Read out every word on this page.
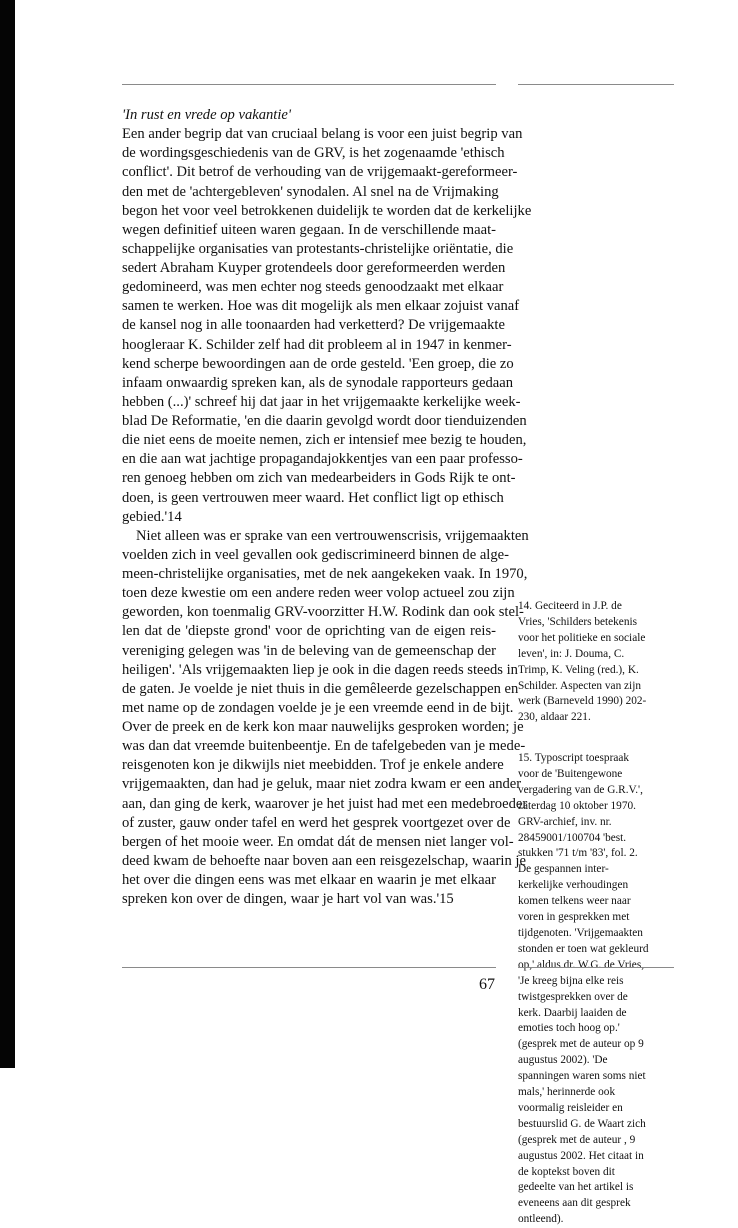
'In rust en vrede op vakantie'

Een ander begrip dat van cruciaal belang is voor een juist begrip van
de wordingsgeschiedenis van de GRV, is het zogenaamde 'ethisch
conflict'. Dit betrof de verhouding van de vrijgemaakt-gereformeer-
den met de 'achtergebleven' synodalen. Al snel na de Vrijmaking
begon het voor veel betrokkenen duidelijk te worden dat de kerkelijke
wegen definitief uiteen waren gegaan. In de verschillende maat-
schappelijke organisaties van protestants-christelijke oriëntatie, die
sedert Abraham Kuyper grotendeels door gereformeerden werden
gedomineerd, was men echter nog steeds genoodzaakt met elkaar
samen te werken. Hoe was dit mogelijk als men elkaar zojuist vanaf
de kansel nog in alle toonaarden had verketterd? De vrijgemaakte
hoogleraar K. Schilder zelf had dit probleem al in 1947 in kenmer-
kend scherpe bewoordingen aan de orde gesteld. 'Een groep, die zo
infaam onwaardig spreken kan, als de synodale rapporteurs gedaan
hebben (...)' schreef hij dat jaar in het vrijgemaakte kerkelijke week-
blad De Reformatie, 'en die daarin gevolgd wordt door tienduizenden
die niet eens de moeite nemen, zich er intensief mee bezig te houden,
en die aan wat jachtige propagandajokkentjes van een paar professo-
ren genoeg hebben om zich van medearbeiders in Gods Rijk te ont-
doen, is geen vertrouwen meer waard. Het conflict ligt op ethisch
gebied.'14
Niet alleen was er sprake van een vertrouwenscrisis, vrijgemaakten
voelden zich in veel gevallen ook gediscrimineerd binnen de alge-
meen-christelijke organisaties, met de nek aangekeken vaak. In 1970,
toen deze kwestie om een andere reden weer volop actueel zou zijn
geworden, kon toenmalig GRV-voorzitter H.W. Rodink dan ook stel-
len dat de 'diepste grond' voor de oprichting van de eigen reis-
vereniging gelegen was 'in de beleving van de gemeenschap der
heiligen'. 'Als vrijgemaakten liep je ook in die dagen reeds steeds in
de gaten. Je voelde je niet thuis in die gemêleerde gezelschappen en
met name op de zondagen voelde je je een vreemde eend in de bijt.
Over de preek en de kerk kon maar nauwelijks gesproken worden; je
was dan dat vreemde buitenbeentje. En de tafelgebeden van je mede-
reisgenoten kon je dikwijls niet meebidden. Trof je enkele andere
vrijgemaakten, dan had je geluk, maar niet zodra kwam er een ander
aan, dan ging de kerk, waarover je het juist had met een medebroeder
of zuster, gauw onder tafel en werd het gesprek voortgezet over de
bergen of het mooie weer. En omdat dát de mensen niet langer vol-
deed kwam de behoefte naar boven aan een reisgezelschap, waarin je
het over die dingen eens was met elkaar en waarin je met elkaar
spreken kon over de dingen, waar je hart vol van was.'15
14. Geciteerd in J.P. de
Vries, 'Schilders betekenis
voor het politieke en sociale
leven', in: J. Douma, C.
Trimp, K. Veling (red.), K.
Schilder. Aspecten van zijn
werk (Barneveld 1990) 202-
230, aldaar 221.
15. Typoscript toespraak
voor de 'Buitengewone
vergadering van de G.R.V.',
zaterdag 10 oktober 1970.
GRV-archief, inv. nr.
28459001/100704 'best.
stukken '71 t/m '83', fol. 2.
De gespannen inter-
kerkelijke verhoudingen
komen telkens weer naar
voren in gesprekken met
tijdgenoten. 'Vrijgemaakten
stonden er toen wat gekleurd
op,' aldus dr. W.G. de Vries,
'Je kreeg bijna elke reis
twistgesprekken over de
kerk. Daarbij laaiden de
emoties toch hoog op.'
(gesprek met de auteur op 9
augustus 2002). 'De
spanningen waren soms niet
mals,' herinnerde ook
voormalig reisleider en
bestuurslid G. de Waart zich
(gesprek met de auteur , 9
augustus 2002. Het citaat in
de koptekst boven dit
gedeelte van het artikel is
eveneens aan dit gesprek
ontleend).
67
